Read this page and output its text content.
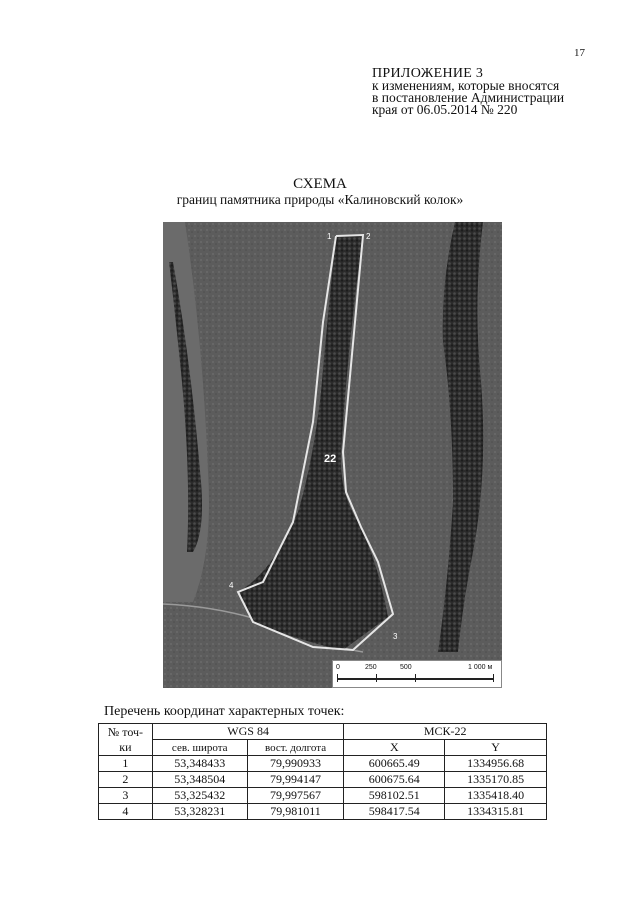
17
ПРИЛОЖЕНИЕ 3
к изменениям, которые вносятся
в постановление Администрации
края от 06.05.2014 № 220
СХЕМА
границ памятника природы «Калиновский колок»
1	2
3
4
22
0	250	500	1 000 м
Перечень координат характерных точек:
№ точ-ки	WGS 84		МСК-22	
	сев. широта	вост. долгота	X	Y
1	53,348433	79,990933	600665.49	1334956.68
2	53,348504	79,994147	600675.64	1335170.85
3	53,325432	79,997567	598102.51	1335418.40
4	53,328231	79,981011	598417.54	1334315.81
